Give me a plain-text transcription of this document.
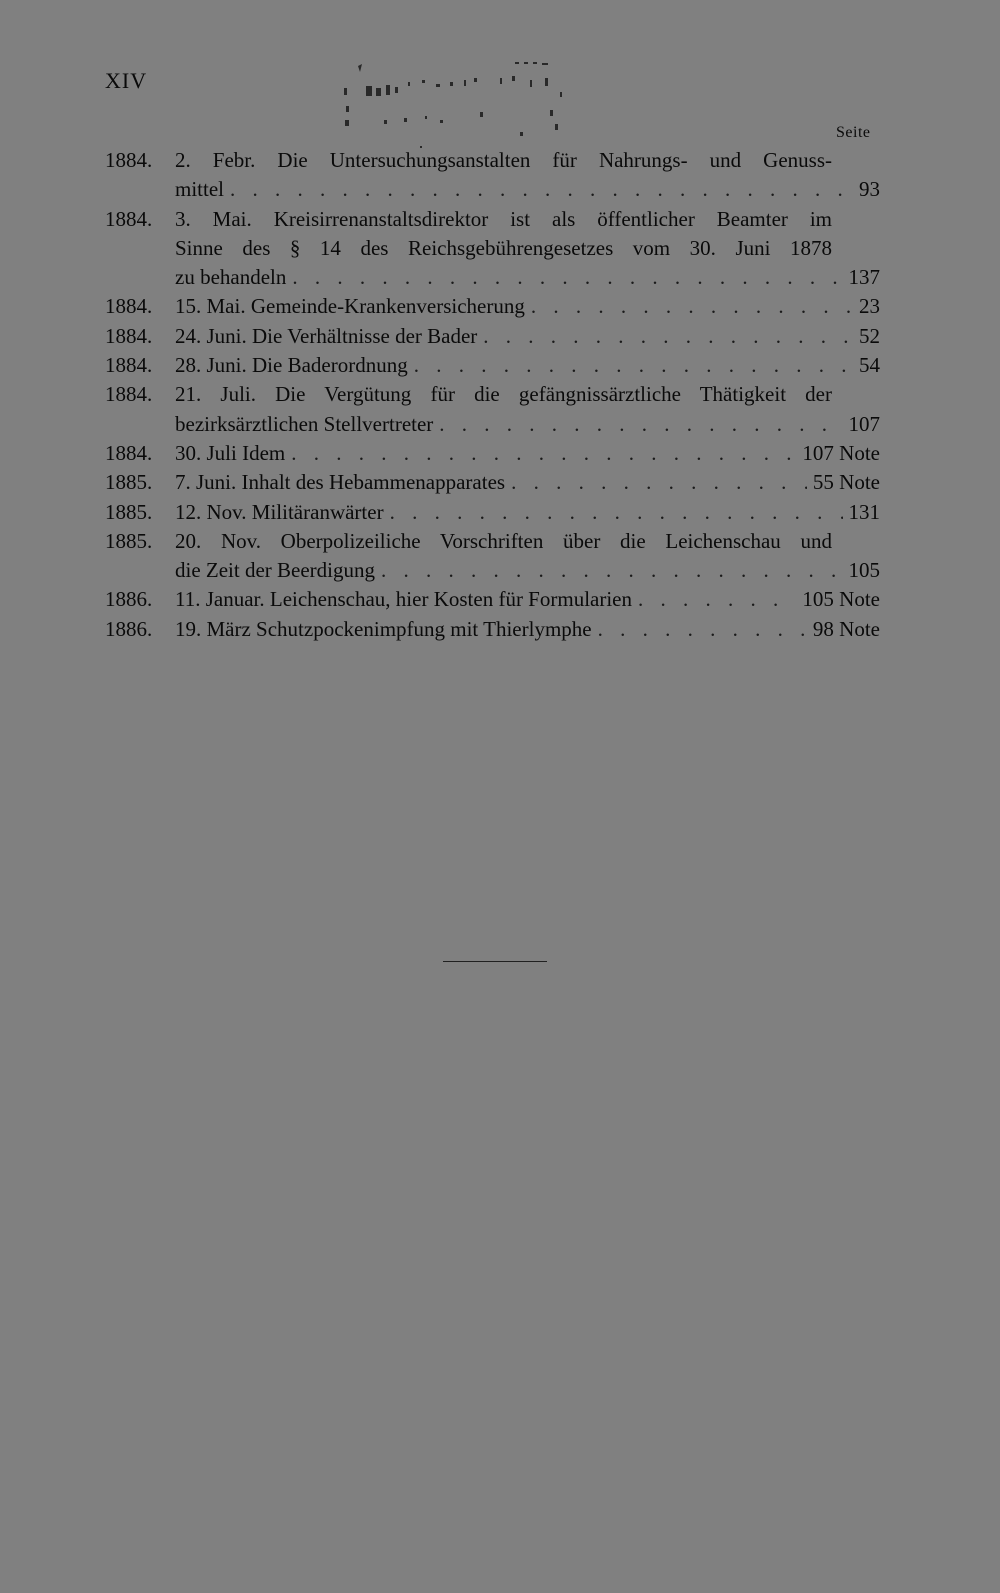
XIV
Seite
1884.	2. Febr. Die Untersuchungsanstalten für Nahrungs- und Genuss-
mittel . . .	93
1884.	3. Mai. Kreisirrenanstaltsdirektor ist als öffentlicher Beamter im
Sinne des § 14 des Reichsgebührengesetzes vom 30. Juni 1878
zu behandeln . . .	137
1884.	15. Mai. Gemeinde-Krankenversicherung . . .	23
1884.	24. Juni. Die Verhältnisse der Bader . . .	52
1884.	28. Juni. Die Baderordnung . . .	54
1884.	21. Juli. Die Vergütung für die gefängnissärztliche Thätigkeit der
bezirksärztlichen Stellvertreter . . .	107
1884.	30. Juli Idem . . .	107 Note
1885.	7. Juni. Inhalt des Hebammenapparates . . .	55 Note
1885.	12. Nov. Militäranwärter . . .	131
1885.	20. Nov. Oberpolizeiliche Vorschriften über die Leichenschau und
die Zeit der Beerdigung . . .	105
1886.	11. Januar. Leichenschau, hier Kosten für Formularien . . .	105 Note
1886.	19. März Schutzpockenimpfung mit Thierlymphe . . .	98 Note
